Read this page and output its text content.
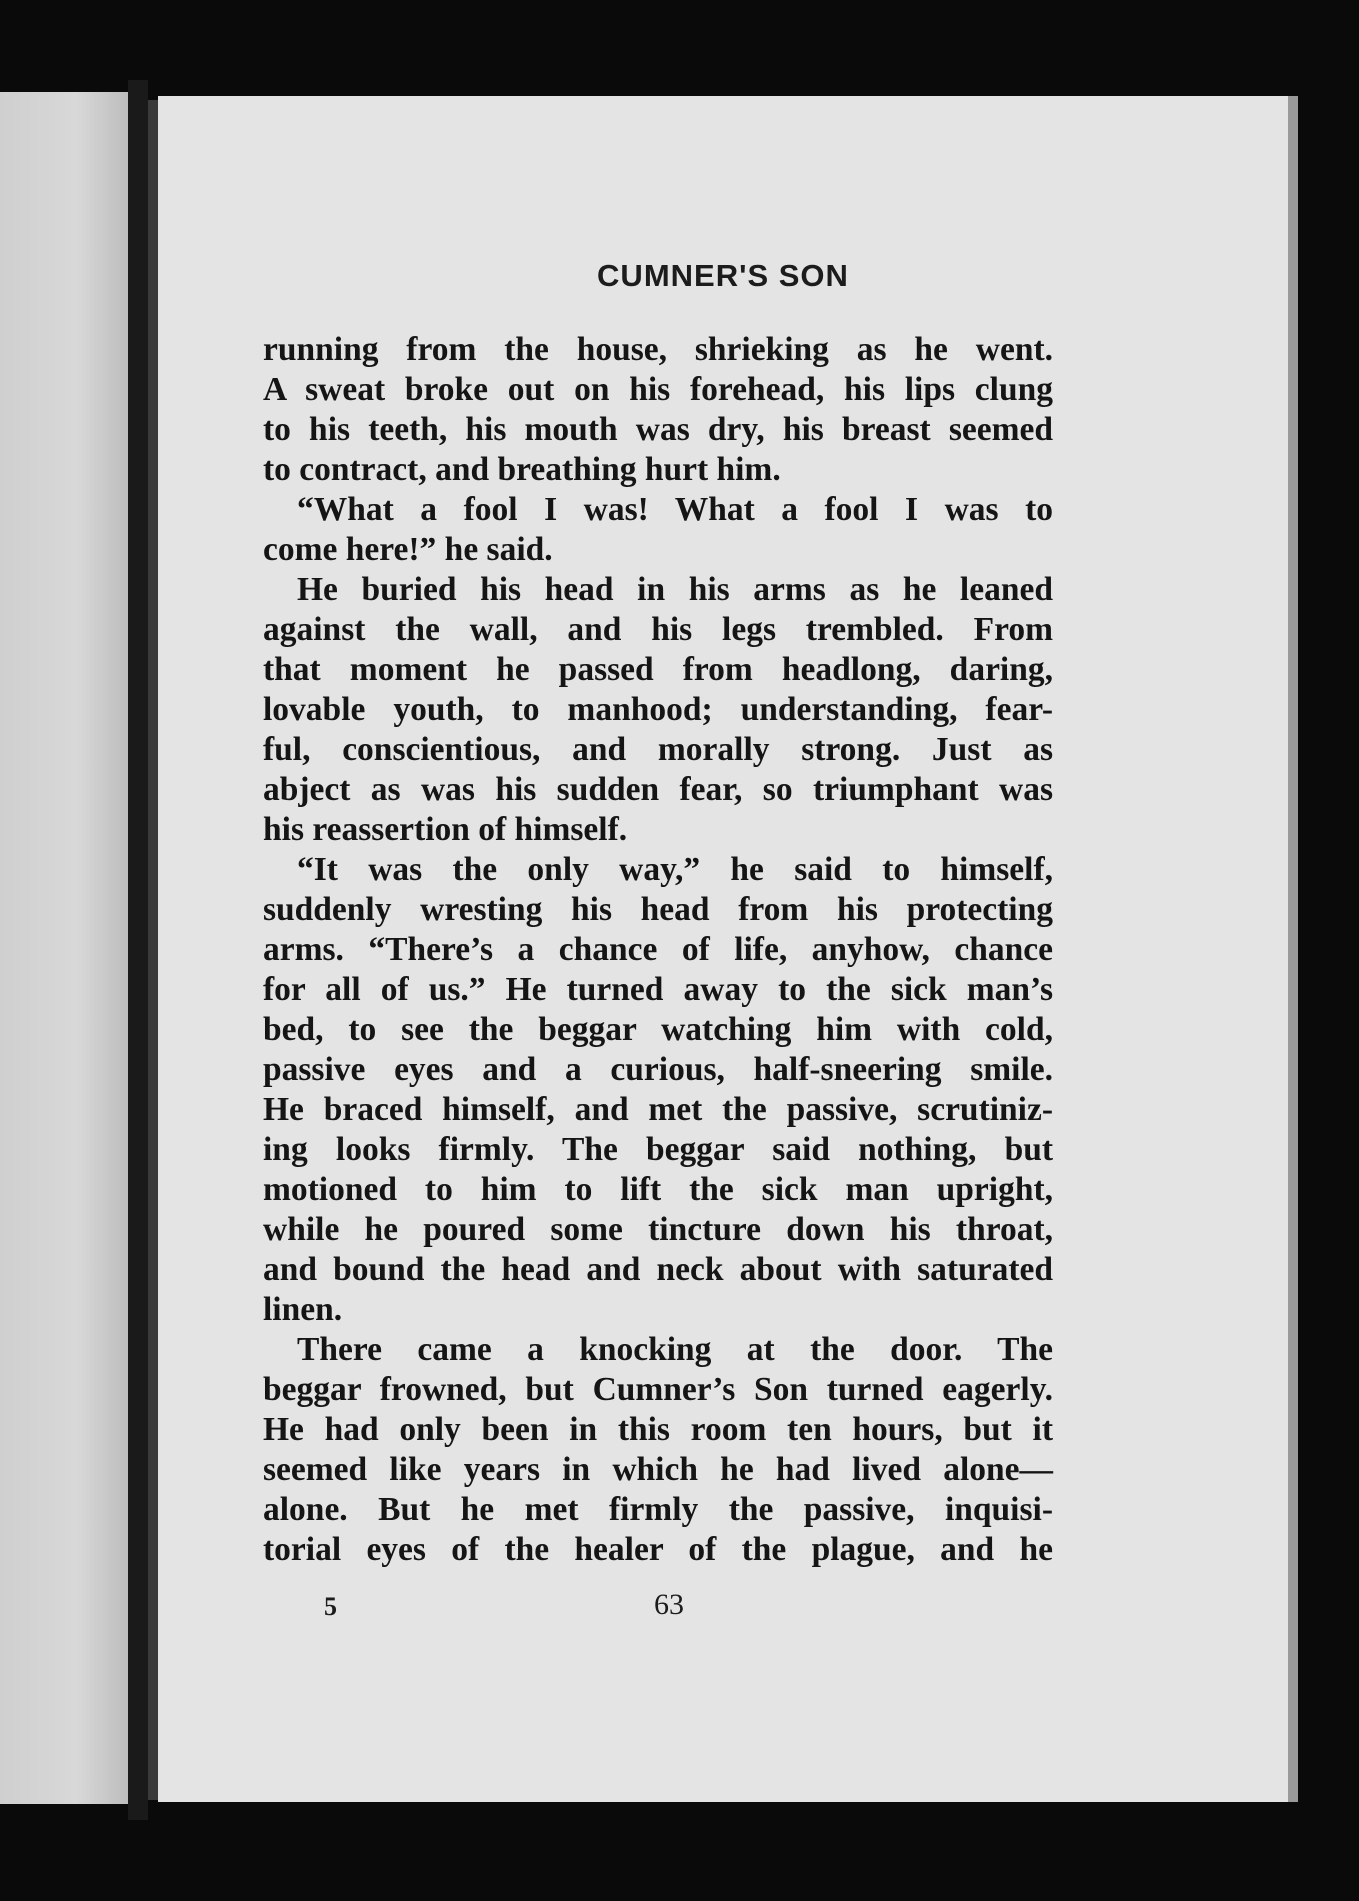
CUMNER'S SON
running from the house, shrieking as he went.
A sweat broke out on his forehead, his lips clung
to his teeth, his mouth was dry, his breast seemed
to contract, and breathing hurt him.
“What a fool I was! What a fool I was to
come here!” he said.
He buried his head in his arms as he leaned
against the wall, and his legs trembled. From
that moment he passed from headlong, daring,
lovable youth, to manhood; understanding, fear-
ful, conscientious, and morally strong. Just as
abject as was his sudden fear, so triumphant was
his reassertion of himself.
“It was the only way,” he said to himself,
suddenly wresting his head from his protecting
arms. “There’s a chance of life, anyhow, chance
for all of us.” He turned away to the sick man’s
bed, to see the beggar watching him with cold,
passive eyes and a curious, half-sneering smile.
He braced himself, and met the passive, scrutiniz-
ing looks firmly. The beggar said nothing, but
motioned to him to lift the sick man upright,
while he poured some tincture down his throat,
and bound the head and neck about with saturated
linen.
There came a knocking at the door. The
beggar frowned, but Cumner’s Son turned eagerly.
He had only been in this room ten hours, but it
seemed like years in which he had lived alone—
alone. But he met firmly the passive, inquisi-
torial eyes of the healer of the plague, and he
5	63
